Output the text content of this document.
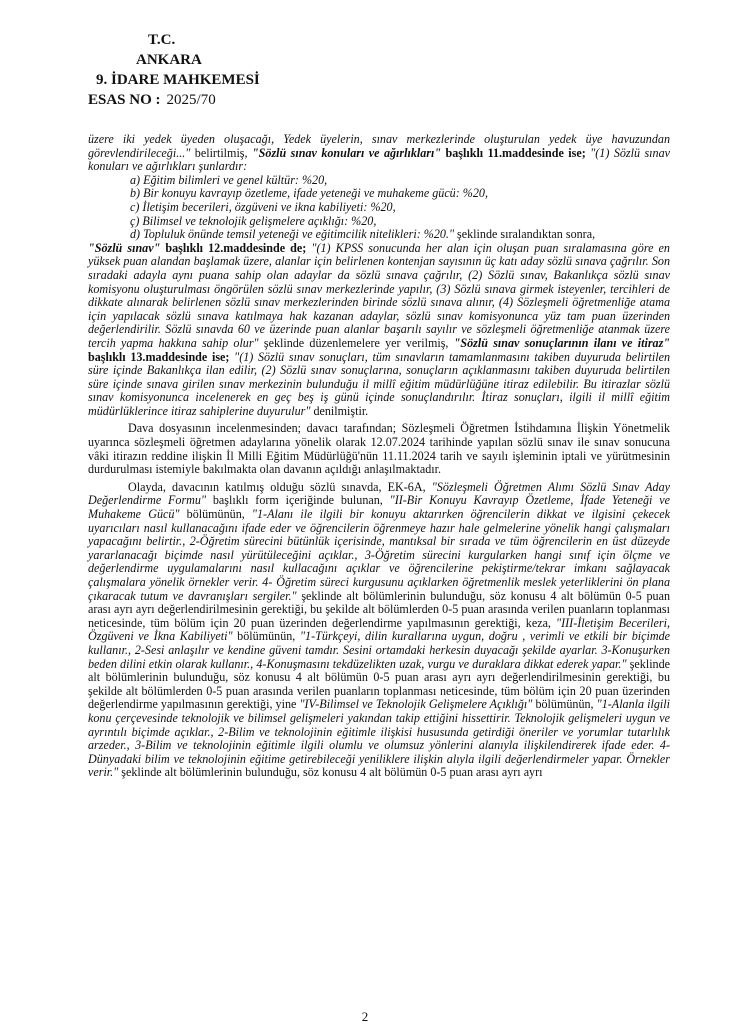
T.C.
ANKARA
9. İDARE MAHKEMESİ
ESAS NO : 2025/70

üzere iki yedek üyeden oluşacağı, Yedek üyelerin, sınav merkezlerinde oluşturulan yedek üye havuzundan görevlendirileceği..." belirtilmiş, "Sözlü sınav konuları ve ağırlıkları" başlıklı 11.maddesinde ise; "(1) Sözlü sınav konuları ve ağırlıkları şunlardır:

a) Eğitim bilimleri ve genel kültür: %20,

b) Bir konuyu kavrayıp özetleme, ifade yeteneği ve muhakeme gücü: %20,

c) İletişim becerileri, özgüveni ve ikna kabiliyeti: %20,

ç) Bilimsel ve teknolojik gelişmelere açıklığı: %20,

d) Topluluk önünde temsil yeteneği ve eğitimcilik nitelikleri: %20." şeklinde sıralandıktan sonra,

"Sözlü sınav" başlıklı 12.maddesinde de; "(1) KPSS sonucunda her alan için oluşan puan sıralamasına göre en yüksek puan alandan başlamak üzere, alanlar için belirlenen kontenjan sayısının üç katı aday sözlü sınava çağrılır. Son sıradaki adayla aynı puana sahip olan adaylar da sözlü sınava çağrılır, (2) Sözlü sınav, Bakanlıkça sözlü sınav komisyonu oluşturulması öngörülen sözlü sınav merkezlerinde yapılır, (3) Sözlü sınava girmek isteyenler, tercihleri de dikkate alınarak belirlenen sözlü sınav merkezlerinden birinde sözlü sınava alınır, (4) Sözleşmeli öğretmenliğe atama için yapılacak sözlü sınava katılmaya hak kazanan adaylar, sözlü sınav komisyonunca yüz tam puan üzerinden değerlendirilir. Sözlü sınavda 60 ve üzerinde puan alanlar başarılı sayılır ve sözleşmeli öğretmenliğe atanmak üzere tercih yapma hakkına sahip olur" şeklinde düzenlemelere yer verilmiş, "Sözlü sınav sonuçlarının ilanı ve itiraz" başlıklı 13.maddesinde ise; "(1) Sözlü sınav sonuçları, tüm sınavların tamamlanmasını takiben duyuruda belirtilen süre içinde Bakanlıkça ilan edilir, (2) Sözlü sınav sonuçlarına, sonuçların açıklanmasını takiben duyuruda belirtilen süre içinde sınava girilen sınav merkezinin bulunduğu il millî eğitim müdürlüğüne itiraz edilebilir. Bu itirazlar sözlü sınav komisyonunca incelenerek en geç beş iş günü içinde sonuçlandırılır. İtiraz sonuçları, ilgili il millî eğitim müdürlüklerince itiraz sahiplerine duyurulur" denilmiştir.

Dava dosyasının incelenmesinden; davacı tarafından; Sözleşmeli Öğretmen İstihdamına İlişkin Yönetmelik uyarınca sözleşmeli öğretmen adaylarına yönelik olarak 12.07.2024 tarihinde yapılan sözlü sınav ile sınav sonucuna vâki itirazın reddine ilişkin İl Milli Eğitim Müdürlüğü'nün 11.11.2024 tarih ve sayılı işleminin iptali ve yürütmesinin durdurulması istemiyle bakılmakta olan davanın açıldığı anlaşılmaktadır.

Olayda, davacının katılmış olduğu sözlü sınavda, EK-6A, "Sözleşmeli Öğretmen Alımı Sözlü Sınav Aday Değerlendirme Formu" başlıklı form içeriğinde bulunan, "II-Bir Konuyu Kavrayıp Özetleme, İfade Yeteneği ve Muhakeme Gücü" bölümünün, "1-Alanı ile ilgili bir konuyu aktarırken öğrencilerin dikkat ve ilgisini çekecek uyarıcıları nasıl kullanacağını ifade eder ve öğrencilerin öğrenmeye hazır hale gelmelerine yönelik hangi çalışmaları yapacağını belirtir., 2-Öğretim sürecini bütünlük içerisinde, mantıksal bir sırada ve tüm öğrencilerin en üst düzeyde yararlanacağı biçimde nasıl yürütüleceğini açıklar., 3-Öğretim sürecini kurgularken hangi sınıf için ölçme ve değerlendirme uygulamalarını nasıl kullacağını açıklar ve öğrencilerine pekiştirme/tekrar imkanı sağlayacak çalışmalara yönelik örnekler verir. 4- Öğretim süreci kurgusunu açıklarken öğretmenlik meslek yeterliklerini ön plana çıkaracak tutum ve davranışları sergiler." şeklinde alt bölümlerinin bulunduğu, söz konusu 4 alt bölümün 0-5 puan arası ayrı ayrı değerlendirilmesinin gerektiği, bu şekilde alt bölümlerden 0-5 puan arasında verilen puanların toplanması neticesinde, tüm bölüm için 20 puan üzerinden değerlendirme yapılmasının gerektiği, keza, "III-İletişim Becerileri, Özgüveni ve İkna Kabiliyeti" bölümünün, "1-Türkçeyi, dilin kurallarına uygun, doğru , verimli ve etkili bir biçimde kullanır., 2-Sesi anlaşılır ve kendine güveni tamdır. Sesini ortamdaki herkesin duyacağı şekilde ayarlar. 3-Konuşurken beden dilini etkin olarak kullanır., 4-Konuşmasını tekdüzelikten uzak, vurgu ve duraklara dikkat ederek yapar." şeklinde alt bölümlerinin bulunduğu, söz konusu 4 alt bölümün 0-5 puan arası ayrı ayrı değerlendirilmesinin gerektiği, bu şekilde alt bölümlerden 0-5 puan arasında verilen puanların toplanması neticesinde, tüm bölüm için 20 puan üzerinden değerlendirme yapılmasının gerektiği, yine "IV-Bilimsel ve Teknolojik Gelişmelere Açıklığı" bölümünün, "1-Alanla ilgili konu çerçevesinde teknolojik ve bilimsel gelişmeleri yakından takip ettiğini hissettirir. Teknolojik gelişmeleri uygun ve ayrıntılı biçimde açıklar., 2-Bilim ve teknolojinin eğitimle ilişkisi hususunda getirdiği öneriler ve yorumlar tutarlılık arzeder., 3-Bilim ve teknolojinin eğitimle ilgili olumlu ve olumsuz yönlerini alanıyla ilişkilendirerek ifade eder. 4-Dünyadaki bilim ve teknolojinin eğitime getirebileceği yeniliklere ilişkin alıyla ilgili değerlendirmeler yapar. Örnekler verir." şeklinde alt bölümlerinin bulunduğu, söz konusu 4 alt bölümün 0-5 puan arası ayrı ayrı

2
